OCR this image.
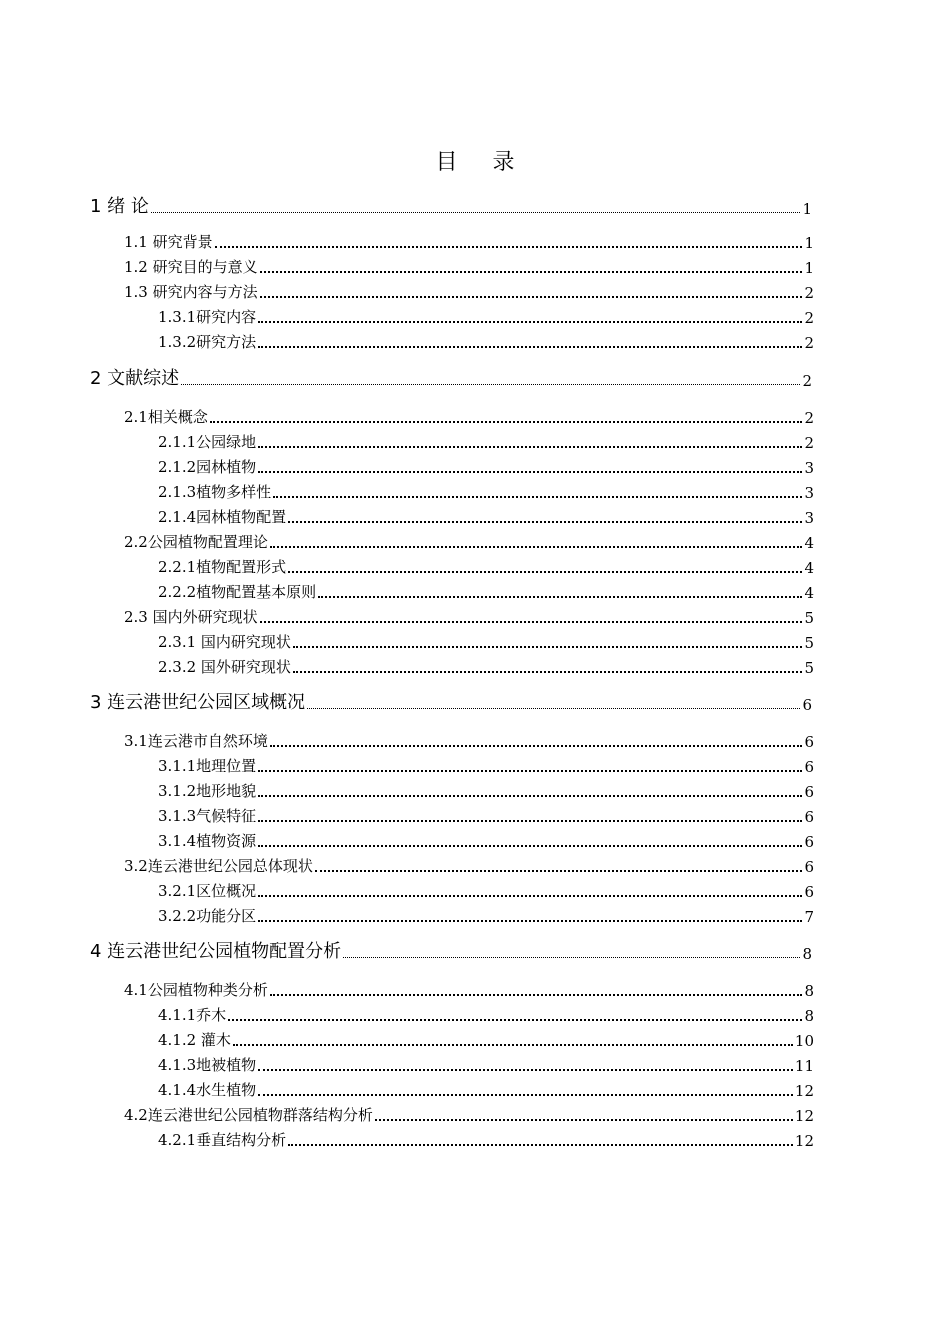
目 录
1 绪 论	1
1.1 研究背景	1
1.2 研究目的与意义	1
1.3 研究内容与方法	2
1.3.1研究内容	2
1.3.2研究方法	2
2 文献综述	2
2.1相关概念	2
2.1.1公园绿地	2
2.1.2园林植物	3
2.1.3植物多样性	3
2.1.4园林植物配置	3
2.2公园植物配置理论	4
2.2.1植物配置形式	4
2.2.2植物配置基本原则	4
2.3 国内外研究现状	5
2.3.1 国内研究现状	5
2.3.2 国外研究现状	5
3 连云港世纪公园区域概况	6
3.1连云港市自然环境	6
3.1.1地理位置	6
3.1.2地形地貌	6
3.1.3气候特征	6
3.1.4植物资源	6
3.2连云港世纪公园总体现状	6
3.2.1区位概况	6
3.2.2功能分区	7
4 连云港世纪公园植物配置分析	8
4.1公园植物种类分析	8
4.1.1乔木	8
4.1.2 灌木	10
4.1.3地被植物	11
4.1.4水生植物	12
4.2连云港世纪公园植物群落结构分析	12
4.2.1垂直结构分析	12
